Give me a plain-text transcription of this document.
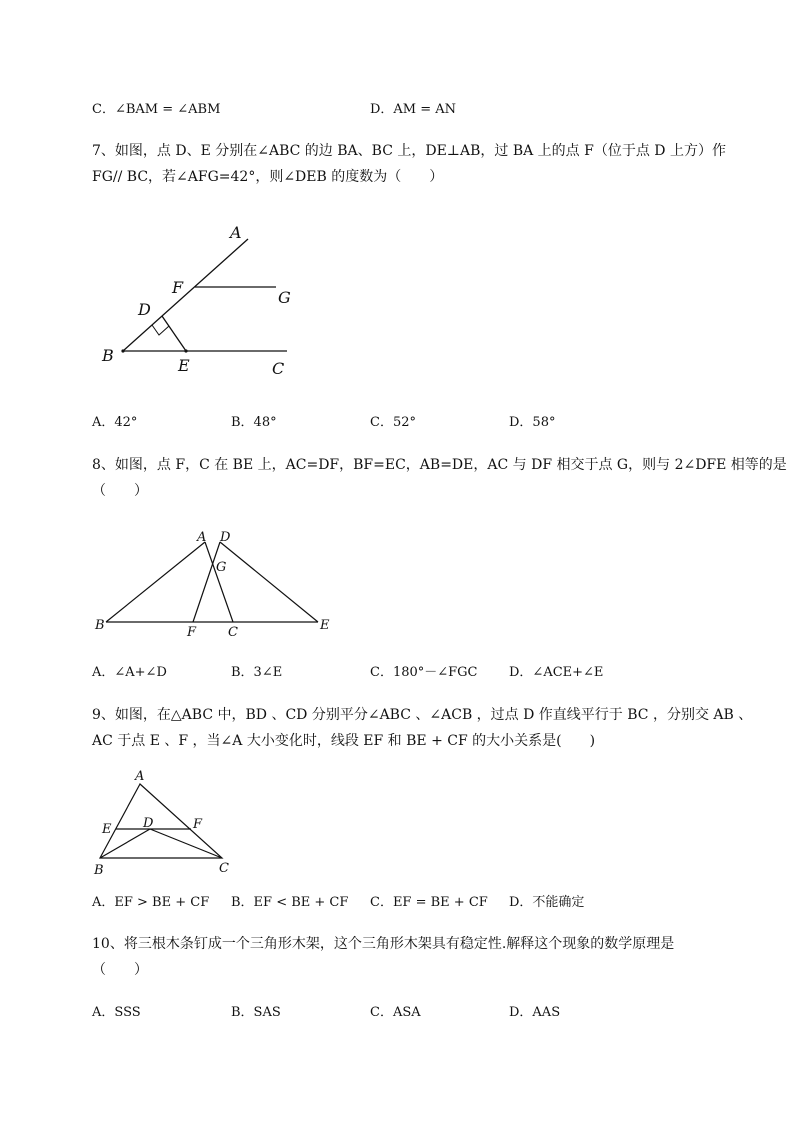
C．∠BAM = ∠ABM	D．AM = AN
7、如图，点 D、E 分别在∠ABC 的边 BA、BC 上，DE⊥AB，过 BA 上的点 F（位于点 D 上方）作
FG// BC，若∠AFG=42°，则∠DEB 的度数为（　　）
A
F
G
D
B
E	C
A．42°	B．48°	C．52°	D．58°
8、如图，点 F，C 在 BE 上，AC=DF，BF=EC，AB=DE，AC 与 DF 相交于点 G，则与 2∠DFE 相等的是
（　　）
A D
G
B	F C	E
A．∠A+∠D	B．3∠E	C．180°－∠FGC D．∠ACE+∠E
9、如图，在△ABC 中，BD 、CD 分别平分∠ABC 、∠ACB ，过点 D 作直线平行于 BC ，分别交 AB 、
AC 于点 E 、F ，当∠A 大小变化时，线段 EF 和 BE + CF 的大小关系是(　　)
A
E D	F
B	C
A．EF > BE + CF B．EF < BE + CF C．EF = BE + CF D．不能确定
10、将三根木条钉成一个三角形木架，这个三角形木架具有稳定性.解释这个现象的数学原理是
（　　）
A．SSS	B．SAS	C．ASA	D．AAS
